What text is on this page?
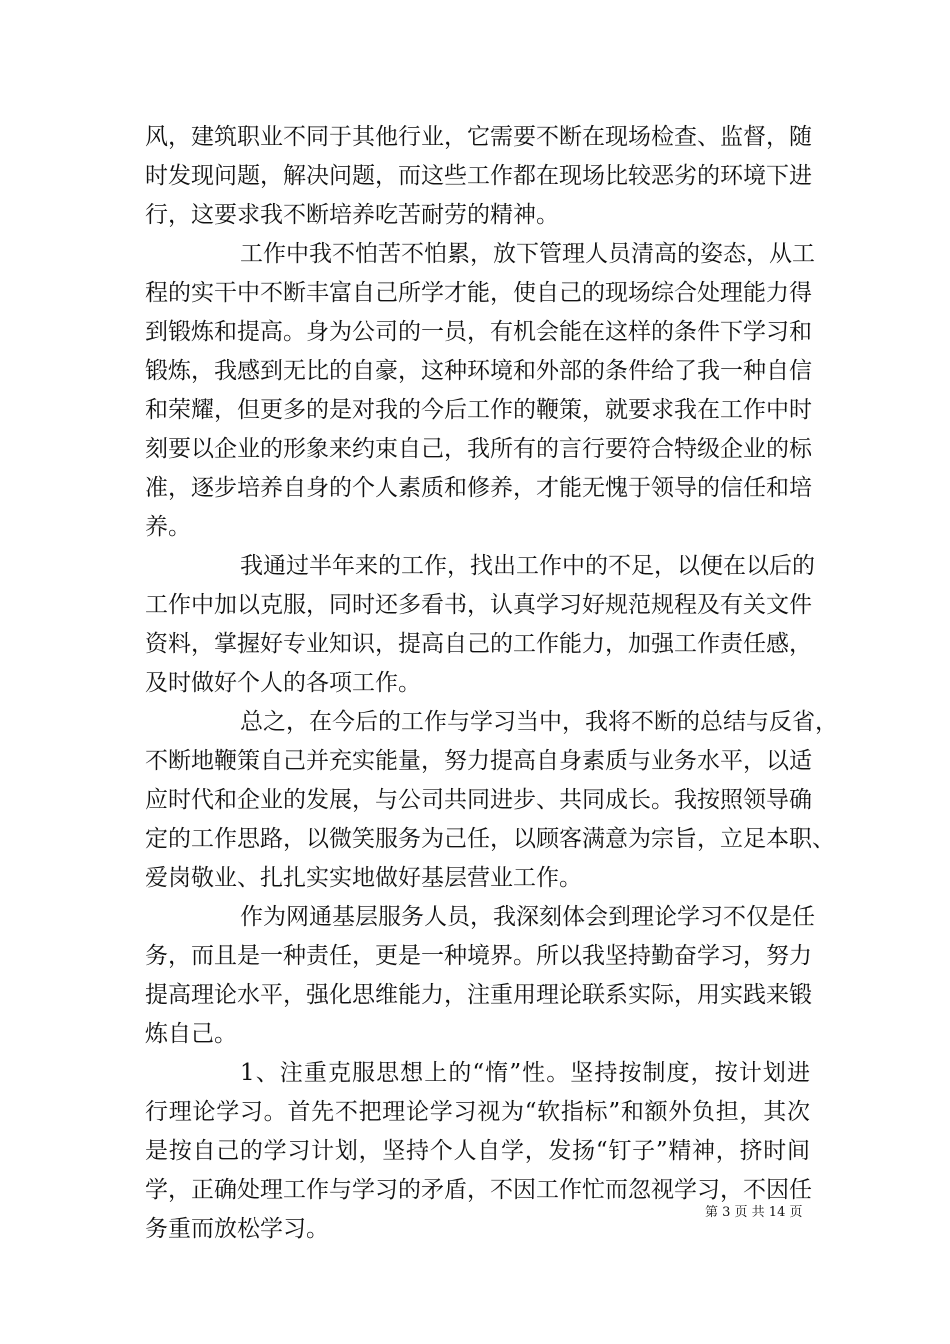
风，建筑职业不同于其他行业，它需要不断在现场检查、监督，随
时发现问题，解决问题，而这些工作都在现场比较恶劣的环境下进
行，这要求我不断培养吃苦耐劳的精神。
工作中我不怕苦不怕累，放下管理人员清高的姿态，从工
程的实干中不断丰富自己所学才能，使自己的现场综合处理能力得
到锻炼和提高。身为公司的一员，有机会能在这样的条件下学习和
锻炼，我感到无比的自豪，这种环境和外部的条件给了我一种自信
和荣耀，但更多的是对我的今后工作的鞭策，就要求我在工作中时
刻要以企业的形象来约束自己，我所有的言行要符合特级企业的标
准，逐步培养自身的个人素质和修养，才能无愧于领导的信任和培
养。
我通过半年来的工作，找出工作中的不足，以便在以后的
工作中加以克服，同时还多看书，认真学习好规范规程及有关文件
资料，掌握好专业知识，提高自己的工作能力，加强工作责任感，
及时做好个人的各项工作。
总之，在今后的工作与学习当中，我将不断的总结与反省，
不断地鞭策自己并充实能量，努力提高自身素质与业务水平，以适
应时代和企业的发展，与公司共同进步、共同成长。我按照领导确
定的工作思路，以微笑服务为己任，以顾客满意为宗旨，立足本职、
爱岗敬业、扎扎实实地做好基层营业工作。
作为网通基层服务人员，我深刻体会到理论学习不仅是任
务，而且是一种责任，更是一种境界。所以我坚持勤奋学习，努力
提高理论水平，强化思维能力，注重用理论联系实际，用实践来锻
炼自己。
1、注重克服思想上的“惰”性。坚持按制度，按计划进
行理论学习。首先不把理论学习视为“软指标”和额外负担，其次
是按自己的学习计划，坚持个人自学，发扬“钉子”精神，挤时间
学，正确处理工作与学习的矛盾，不因工作忙而忽视学习，不因任
务重而放松学习。
第 3 页 共 14 页
